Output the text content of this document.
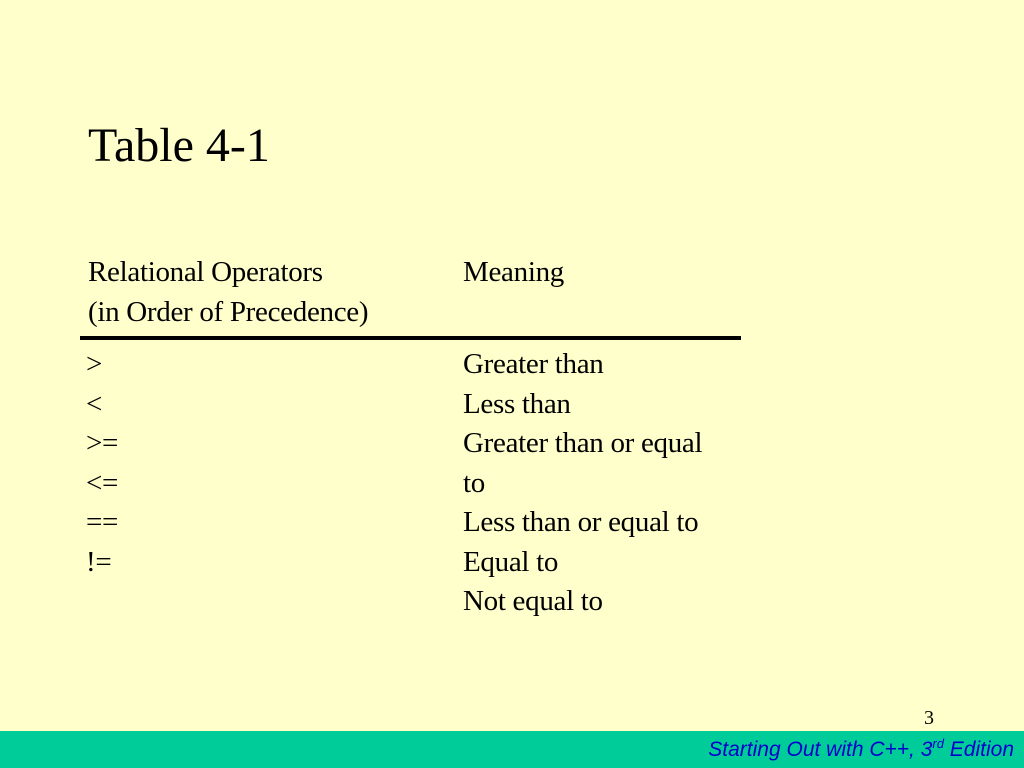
Table 4-1
Relational Operators
(in Order of Precedence)
Meaning
>
<
>=
<=
==
!=
Greater than
Less than
Greater than or equal
to
Less than or equal to
Equal to
Not equal to
3
Starting Out with C++, 3rd Edition
